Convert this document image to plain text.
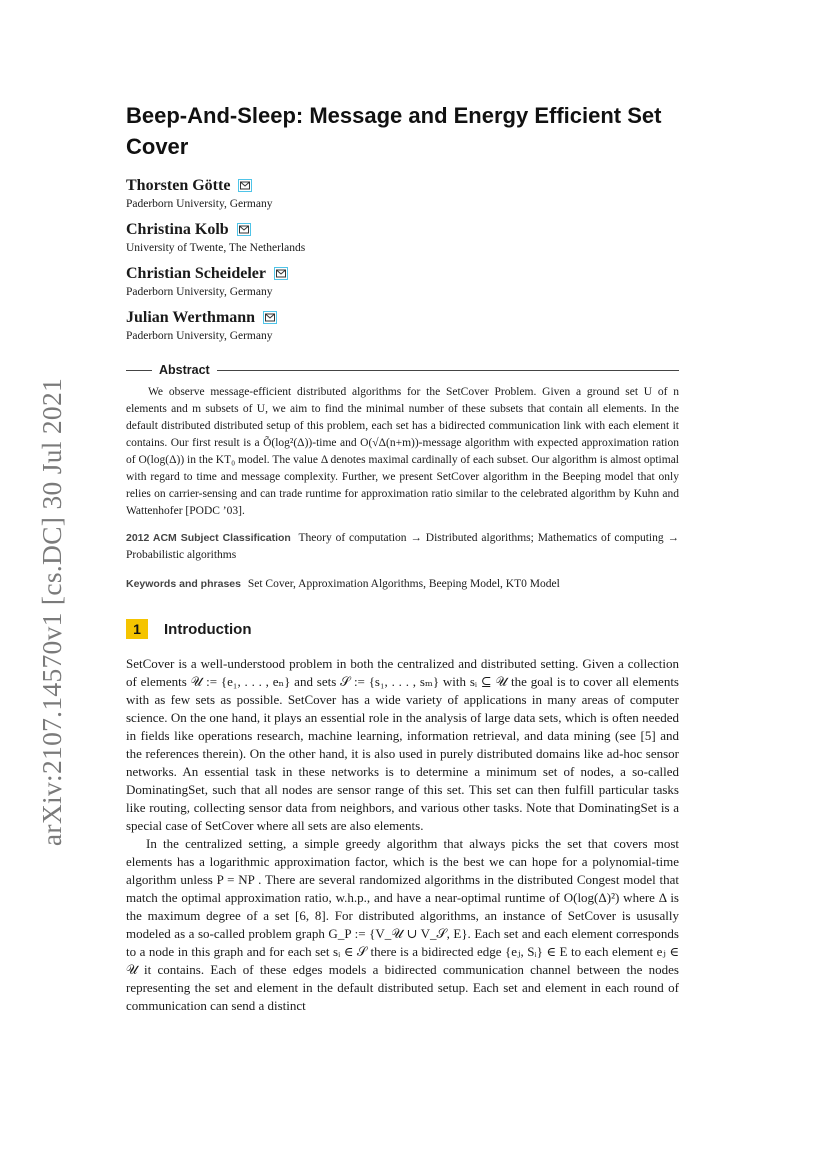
arXiv:2107.14570v1 [cs.DC] 30 Jul 2021
Beep-And-Sleep: Message and Energy Efficient Set Cover
Thorsten Götte
Paderborn University, Germany
Christina Kolb
University of Twente, The Netherlands
Christian Scheideler
Paderborn University, Germany
Julian Werthmann
Paderborn University, Germany
Abstract

We observe message-efficient distributed algorithms for the SetCover Problem. Given a ground set U of n elements and m subsets of U, we aim to find the minimal number of these subsets that contain all elements. In the default distributed distributed setup of this problem, each set has a bidirected communication link with each element it contains. Our first result is a Õ(log²(Δ))-time and O(√Δ(n+m))-message algorithm with expected approximation ration of O(log(Δ)) in the KT₀ model. The value Δ denotes maximal cardinally of each subset. Our algorithm is almost optimal with regard to time and message complexity. Further, we present SetCover algorithm in the Beeping model that only relies on carrier-sensing and can trade runtime for approximation ratio similar to the celebrated algorithm by Kuhn and Wattenhofer [PODC ’03].

2012 ACM Subject Classification Theory of computation → Distributed algorithms; Mathematics of computing → Probabilistic algorithms
Keywords and phrases Set Cover, Approximation Algorithms, Beeping Model, KT0 Model
1	Introduction

SetCover is a well-understood problem in both the centralized and distributed setting. Given a collection of elements 𝒰 := {e₁, . . . , eₙ} and sets 𝒮 := {s₁, . . . , sₘ} with sᵢ ⊆ 𝒰 the goal is to cover all elements with as few sets as possible. SetCover has a wide variety of applications in many areas of computer science. On the one hand, it plays an essential role in the analysis of large data sets, which is often needed in fields like operations research, machine learning, information retrieval, and data mining (see [5] and the references therein). On the other hand, it is also used in purely distributed domains like ad-hoc sensor networks. An essential task in these networks is to determine a minimum set of nodes, a so-called DominatingSet, such that all nodes are sensor range of this set. This set can then fulfill particular tasks like routing, collecting sensor data from neighbors, and various other tasks. Note that DominatingSet is a special case of SetCover where all sets are also elements.

In the centralized setting, a simple greedy algorithm that always picks the set that covers most elements has a logarithmic approximation factor, which is the best we can hope for a polynomial-time algorithm unless P = NP . There are several randomized algorithms in the distributed Congest model that match the optimal approximation ratio, w.h.p., and have a near-optimal runtime of O(log(Δ)²) where Δ is the maximum degree of a set [6, 8]. For distributed algorithms, an instance of SetCover is ususally modeled as a so-called problem graph G_P := {V_𝒰 ∪ V_𝒮, E}. Each set and each element corresponds to a node in this graph and for each set sᵢ ∈ 𝒮 there is a bidirected edge {eⱼ, Sᵢ} ∈ E to each element eⱼ ∈ 𝒰 it contains. Each of these edges models a bidirected communication channel between the nodes representing the set and element in the default distributed setup. Each set and element in each round of communication can send a distinct
